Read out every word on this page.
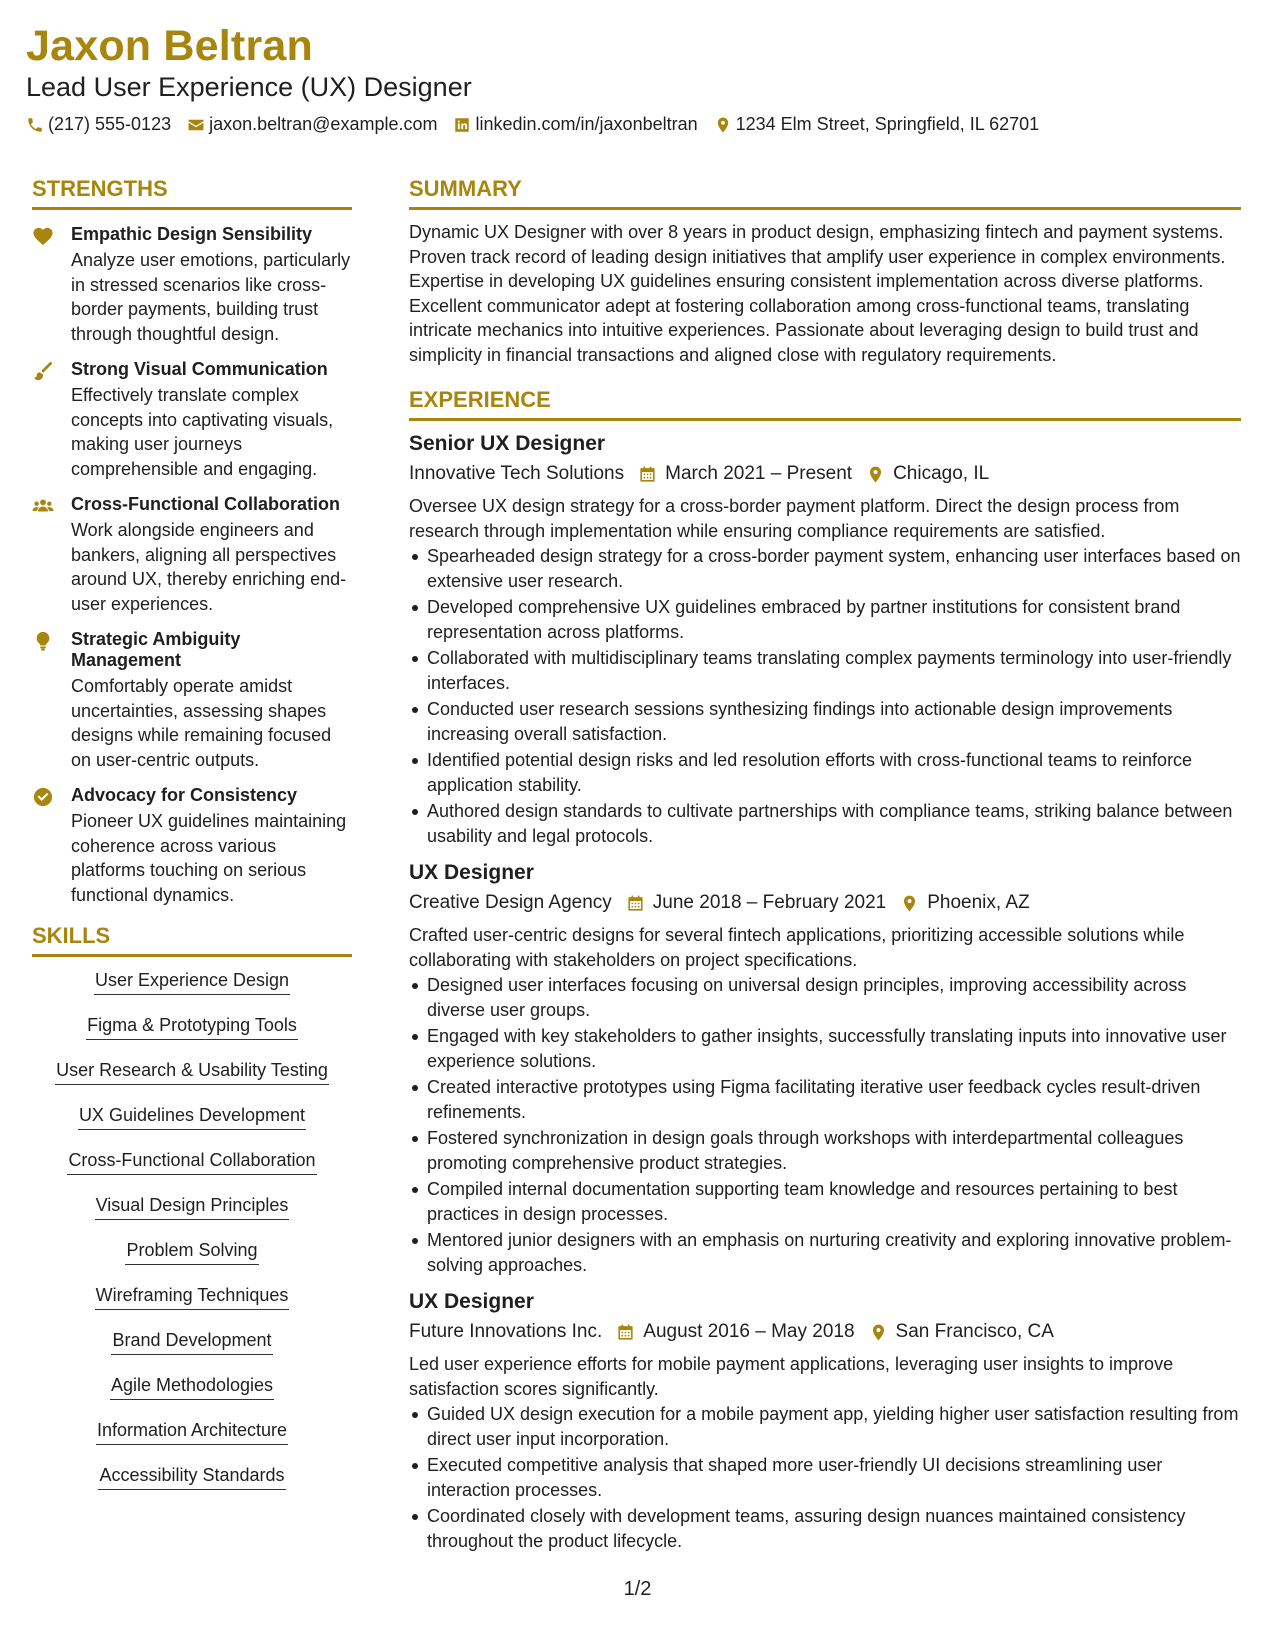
Jaxon Beltran
Lead User Experience (UX) Designer
(217) 555-0123 jaxon.beltran@example.com linkedin.com/in/jaxonbeltran 1234 Elm Street, Springfield, IL 62701
STRENGTHS
Empathic Design Sensibility
Analyze user emotions, particularly in stressed scenarios like cross-border payments, building trust through thoughtful design.
Strong Visual Communication
Effectively translate complex concepts into captivating visuals, making user journeys comprehensible and engaging.
Cross-Functional Collaboration
Work alongside engineers and bankers, aligning all perspectives around UX, thereby enriching end-user experiences.
Strategic Ambiguity Management
Comfortably operate amidst uncertainties, assessing shapes designs while remaining focused on user-centric outputs.
Advocacy for Consistency
Pioneer UX guidelines maintaining coherence across various platforms touching on serious functional dynamics.
SKILLS
User Experience Design
Figma & Prototyping Tools
User Research & Usability Testing
UX Guidelines Development
Cross-Functional Collaboration
Visual Design Principles
Problem Solving
Wireframing Techniques
Brand Development
Agile Methodologies
Information Architecture
Accessibility Standards
SUMMARY
Dynamic UX Designer with over 8 years in product design, emphasizing fintech and payment systems. Proven track record of leading design initiatives that amplify user experience in complex environments. Expertise in developing UX guidelines ensuring consistent implementation across diverse platforms. Excellent communicator adept at fostering collaboration among cross-functional teams, translating intricate mechanics into intuitive experiences. Passionate about leveraging design to build trust and simplicity in financial transactions and aligned close with regulatory requirements.
EXPERIENCE
Senior UX Designer
Innovative Tech Solutions March 2021 – Present Chicago, IL
Oversee UX design strategy for a cross-border payment platform. Direct the design process from research through implementation while ensuring compliance requirements are satisfied.
Spearheaded design strategy for a cross-border payment system, enhancing user interfaces based on extensive user research.
Developed comprehensive UX guidelines embraced by partner institutions for consistent brand representation across platforms.
Collaborated with multidisciplinary teams translating complex payments terminology into user-friendly interfaces.
Conducted user research sessions synthesizing findings into actionable design improvements increasing overall satisfaction.
Identified potential design risks and led resolution efforts with cross-functional teams to reinforce application stability.
Authored design standards to cultivate partnerships with compliance teams, striking balance between usability and legal protocols.
UX Designer
Creative Design Agency June 2018 – February 2021 Phoenix, AZ
Crafted user-centric designs for several fintech applications, prioritizing accessible solutions while collaborating with stakeholders on project specifications.
Designed user interfaces focusing on universal design principles, improving accessibility across diverse user groups.
Engaged with key stakeholders to gather insights, successfully translating inputs into innovative user experience solutions.
Created interactive prototypes using Figma facilitating iterative user feedback cycles result-driven refinements.
Fostered synchronization in design goals through workshops with interdepartmental colleagues promoting comprehensive product strategies.
Compiled internal documentation supporting team knowledge and resources pertaining to best practices in design processes.
Mentored junior designers with an emphasis on nurturing creativity and exploring innovative problem-solving approaches.
UX Designer
Future Innovations Inc. August 2016 – May 2018 San Francisco, CA
Led user experience efforts for mobile payment applications, leveraging user insights to improve satisfaction scores significantly.
Guided UX design execution for a mobile payment app, yielding higher user satisfaction resulting from direct user input incorporation.
Executed competitive analysis that shaped more user-friendly UI decisions streamlining user interaction processes.
Coordinated closely with development teams, assuring design nuances maintained consistency throughout the product lifecycle.
1/2
